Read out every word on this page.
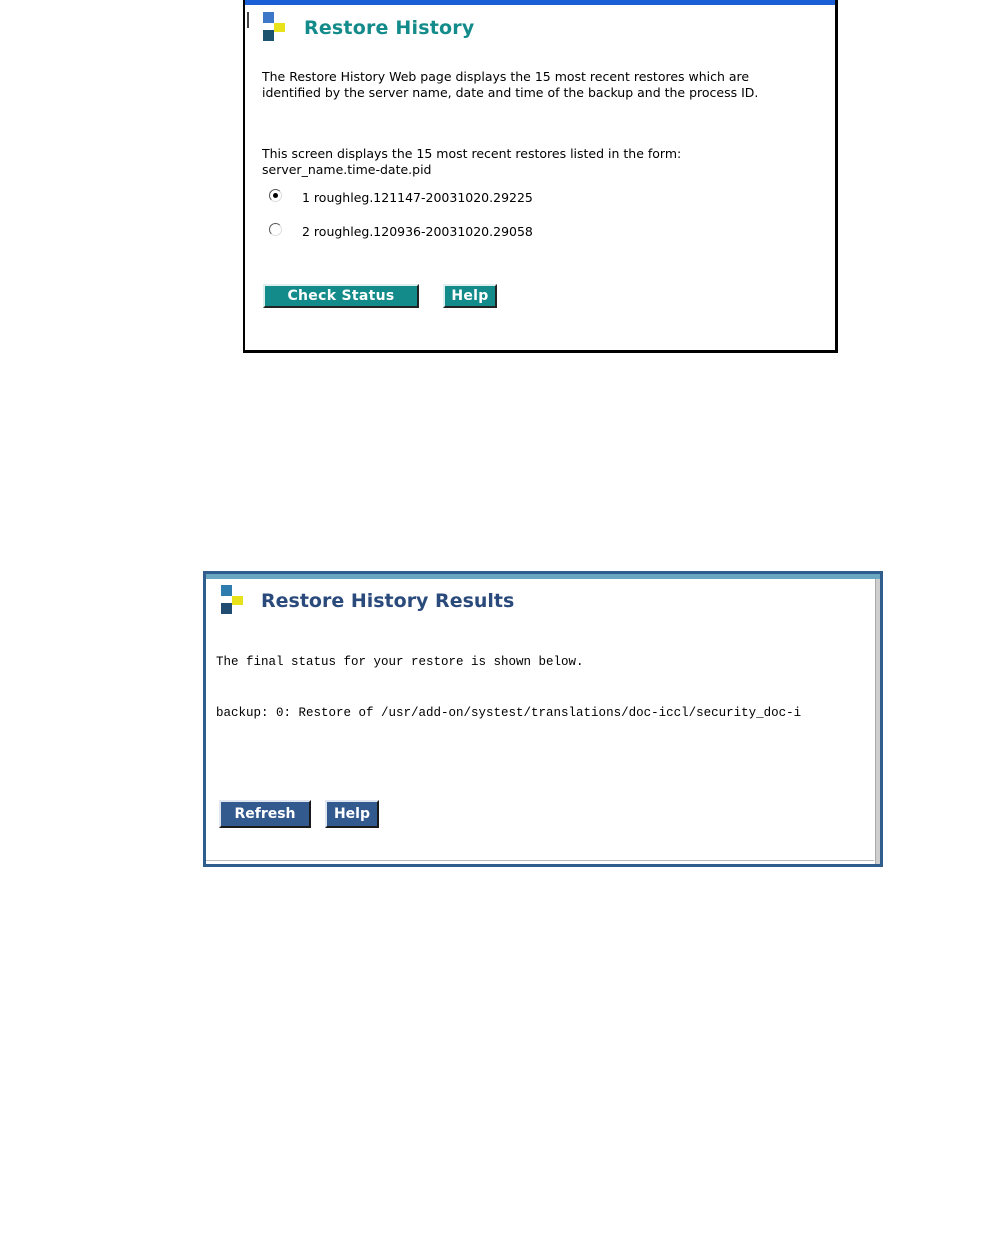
Restore History
The Restore History Web page displays the 15 most recent restores which are identified by the server name, date and time of the backup and the process ID.
This screen displays the 15 most recent restores listed in the form:
server_name.time-date.pid
1 roughleg.121147-20031020.29225
2 roughleg.120936-20031020.29058
Check Status	Help
Restore History Results
The final status for your restore is shown below.
backup: 0: Restore of /usr/add-on/systest/translations/doc-iccl/security_doc-i
Refresh	Help
